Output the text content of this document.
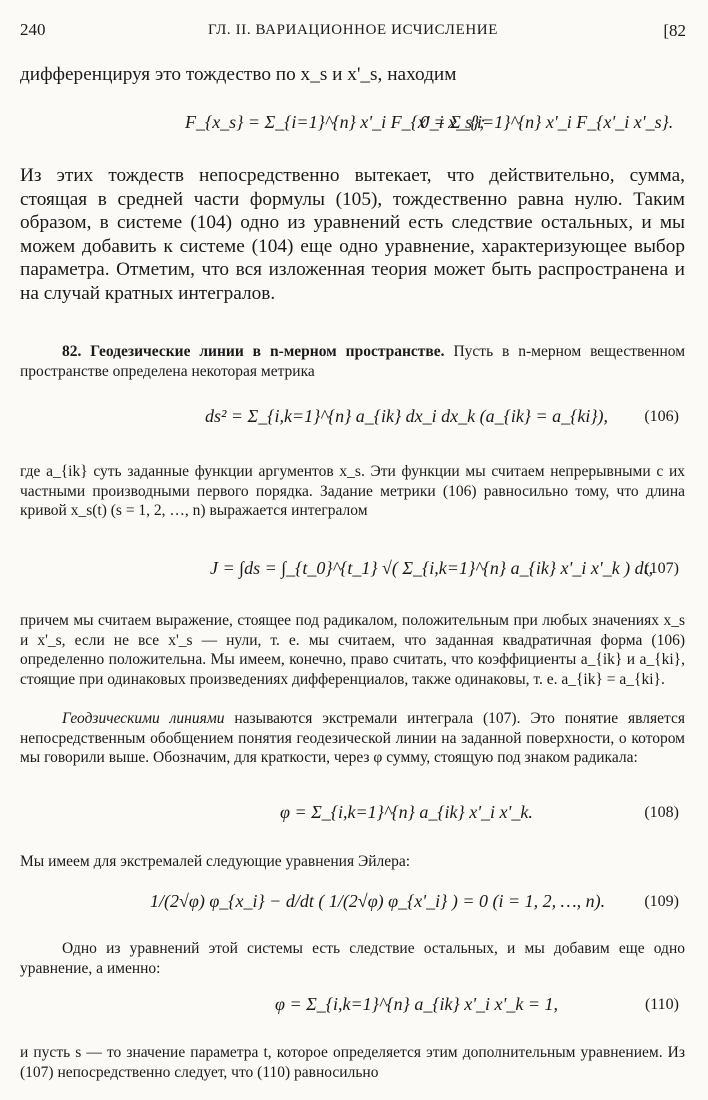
240	ГЛ. II. ВАРИАЦИОННОЕ ИСЧИСЛЕНИЕ	[82
дифференцируя это тождество по x_s и x'_s, находим
F_{x_s} = Σ_{i=1}^{n} x'_i F_{x'_i x_s};
0 = Σ_{i=1}^{n} x'_i F_{x'_i x'_s}.
Из этих тождеств непосредственно вытекает, что действительно, сумма, стоящая в средней части формулы (105), тождественно равна нулю. Таким образом, в системе (104) одно из уравнений есть следствие остальных, и мы можем добавить к системе (104) еще одно уравнение, характеризующее выбор параметра. Отметим, что вся изложенная теория может быть распространена и на случай кратных интегралов.
82. Геодезические линии в n-мерном пространстве. Пусть в n-мерном вещественном пространстве определена некоторая метрика
ds² = Σ_{i,k=1}^{n} a_{ik} dx_i dx_k (a_{ik} = a_{ki}), (106)
где a_{ik} суть заданные функции аргументов x_s. Эти функции мы считаем непрерывными с их частными производными первого порядка. Задание метрики (106) равносильно тому, что длина кривой x_s(t) (s = 1, 2, …, n) выражается интегралом
J = ∫ds = ∫_{t_0}^{t_1} √( Σ_{i,k=1}^{n} a_{ik} x'_i x'_k ) dt,
(107)
причем мы считаем выражение, стоящее под радикалом, положительным при любых значениях x_s и x'_s, если не все x'_s — нули, т. е. мы считаем, что заданная квадратичная форма (106) определенно положительна. Мы имеем, конечно, право считать, что коэффициенты a_{ik} и a_{ki}, стоящие при одинаковых произведениях дифференциалов, также одинаковы, т. е. a_{ik} = a_{ki}.
Геодзическими линиями называются экстремали интеграла (107). Это понятие является непосредственным обобщением понятия геодезической линии на заданной поверхности, о котором мы говорили выше. Обозначим, для краткости, через φ сумму, стоящую под знаком радикала:
φ = Σ_{i,k=1}^{n} a_{ik} x'_i x'_k.	(108)
Мы имеем для экстремалей следующие уравнения Эйлера:
1/(2√φ) φ_{x_i} − d/dt ( 1/(2√φ) φ_{x'_i} ) = 0 (i = 1, 2, …, n). (109)
Одно из уравнений этой системы есть следствие остальных, и мы добавим еще одно уравнение, а именно:
φ = Σ_{i,k=1}^{n} a_{ik} x'_i x'_k = 1,	(110)
и пусть s — то значение параметра t, которое определяется этим дополнительным уравнением. Из (107) непосредственно следует, что (110) равносильно
